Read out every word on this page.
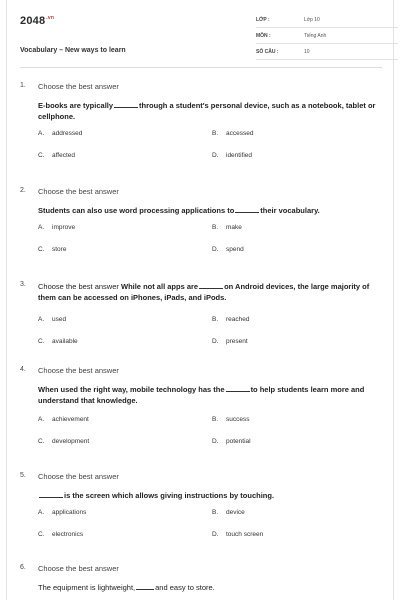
$2048^{.vn}$
Vocabulary – New ways to learn
LỚP :	Lớp 10
MÔN :	Tiếng Anh
SỐ CÂU :	10
1. Choose the best answer
E-books are typically	through a student's personal device, such as a notebook, tablet or cellphone.
A. addressed	B. accessed
C. affected	D. identified
2. Choose the best answer
Students can also use word processing applications to	their vocabulary.
A. improve	B. make
C. store	D. spend
3. Choose the best answer While not all apps are	on Android devices, the large majority of them can be accessed on iPhones, iPads, and iPods.
A. used	B. reached
C. available	D. present
4. Choose the best answer
When used the right way, mobile technology has the	to help students learn more and understand that knowledge.
A. achievement	B. success
C. development	D. potential
5. Choose the best answer
is the screen which allows giving instructions by touching.
A. applications	B. device
C. electronics	D. touch screen
6. Choose the best answer
The equipment is lightweight,	and easy to store.
